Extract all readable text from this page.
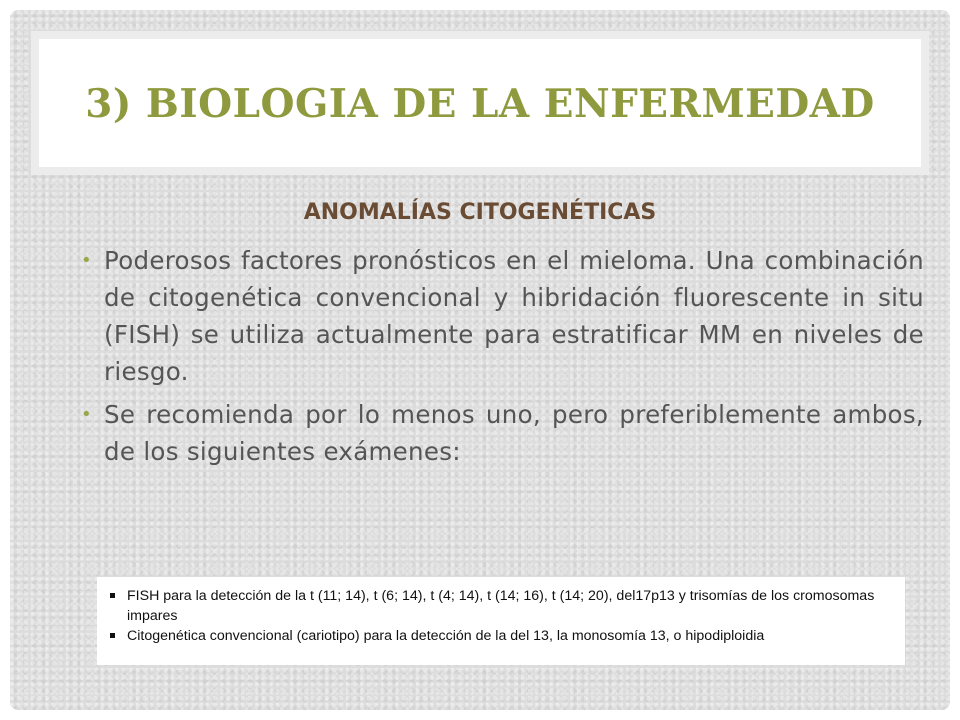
3) BIOLOGIA DE LA ENFERMEDAD
ANOMALÍAS CITOGENÉTICAS
• Poderosos factores pronósticos en el mieloma. Una combinación de citogenética convencional y hibridación fluorescente in situ (FISH) se utiliza actualmente para estratificar MM en niveles de riesgo.
• Se recomienda por lo menos uno, pero preferiblemente ambos, de los siguientes exámenes:
FISH para la detección de la t (11; 14), t (6; 14), t (4; 14), t (14; 16), t (14; 20), del17p13 y trisomías de los cromosomas impares
Citogenética convencional (cariotipo) para la detección de la del 13, la monosomía 13, o hipodiploidia
